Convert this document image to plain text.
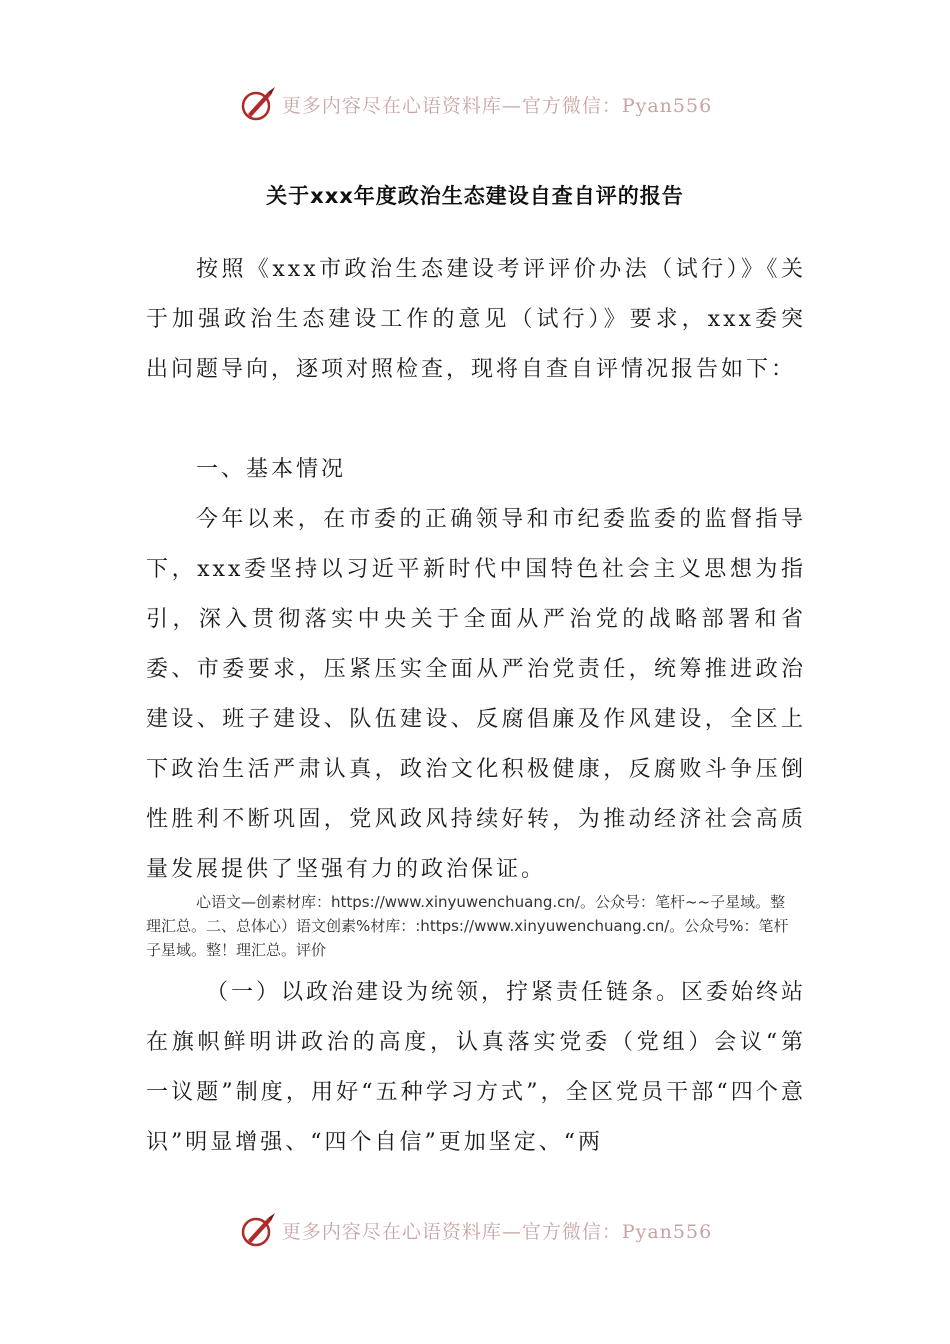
更多内容尽在心语资料库—官方微信：Pyan556
关于xxx年度政治生态建设自查自评的报告

按照《xxx市政治生态建设考评评价办法（试行）》《关于加强政治生态建设工作的意见（试行）》要求，xxx委突出问题导向，逐项对照检查，现将自查自评情况报告如下：

一、基本情况

今年以来，在市委的正确领导和市纪委监委的监督指导下，xxx委坚持以习近平新时代中国特色社会主义思想为指引，深入贯彻落实中央关于全面从严治党的战略部署和省委、市委要求，压紧压实全面从严治党责任，统筹推进政治建设、班子建设、队伍建设、反腐倡廉及作风建设，全区上下政治生活严肃认真，政治文化积极健康，反腐败斗争压倒性胜利不断巩固，党风政风持续好转，为推动经济社会高质量发展提供了坚强有力的政治保证。

心语文—创素材库：https://www.xinyuwenchuang.cn/。公众号：笔杆~~子星域。整理汇总。二、总体心）语文创素%材库：:https://www.xinyuwenchuang.cn/。公众号%：笔杆子星域。整！理汇总。评价

（一）以政治建设为统领，拧紧责任链条。区委始终站在旗帜鲜明讲政治的高度，认真落实党委（党组）会议“第一议题”制度，用好“五种学习方式”，全区党员干部“四个意识”明显增强、“四个自信”更加坚定、“两

更多内容尽在心语资料库—官方微信：Pyan556
